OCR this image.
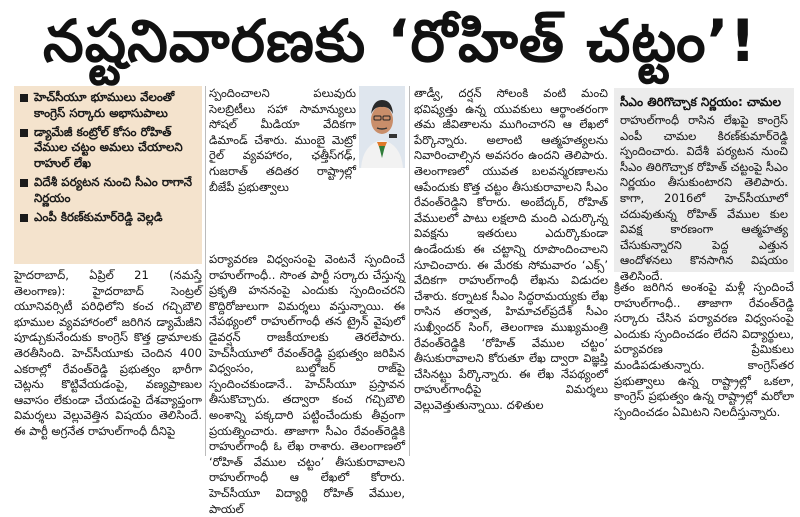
నష్టనివారణకు ‘రోహిత్ చట్టం’!
హెచ్‌సీయూ భూములు వేలంతో కాంగ్రెస్ సర్కారు అభాసుపాలు
డ్యామేజీ కంట్రోల్ కోసం రోహిత్ వేముల చట్టం అమలు చేయాలని రాహుల్ లేఖ
విదేశీ పర్యటన నుంచి సీఎం రాగానే నిర్ణయం
ఎంపీ కిరణ్‌కుమార్‌రెడ్డి వెల్లడి

హైదరాబాద్, ఏప్రిల్ 21 (నమస్తే తెలంగాణ): హైదరాబాద్ సెంట్రల్ యూనివర్సిటీ పరిధిలోని కంచ గచ్చిబౌలి భూముల వ్యవహారంలో జరిగిన డ్యామేజీని పూడ్చుకునేందుకు కాంగ్రెస్ కొత్త డ్రామాలకు తెరతీసింది. హెచ్‌సీయూకు చెందిన 400 ఎకరాల్లో రేవంత్‌రెడ్డి ప్రభుత్వం భారీగా చెట్లను కొట్టివేయడంపై, వణ్యప్రాణుల ఆవాసం లేకుండా చేయడంపై దేశవ్యాప్తంగా విమర్శలు వెల్లువెత్తిన విషయం తెలిసిందే. ఈ పార్టీ అగ్రనేత రాహుల్‌గాంధీ దీనిపై

స్పందించాలని పలువురు సెలబ్రిటీలు సహా సామాన్యులు సోషల్ మీడియా వేదికగా డిమాండ్ చేశారు. ముంబై మెట్రో రైల్ వ్యవహారం, ఛత్తీస్‌గఢ్, గుజరాత్ తదితర రాష్ట్రాల్లో బీజేపీ ప్రభుత్వాలు

పర్యావరణ విధ్వంసంపై వెంటనే స్పందించే రాహుల్‌గాంధీ.. సొంత పార్టీ సర్కారు చేస్తున్న ప్రకృతి హననంపై ఎందుకు స్పందించరని కొద్దిరోజులుగా విమర్శలు వస్తున్నాయి. ఈ నేపథ్యంలో రాహుల్‌గాంధీ తన ట్రైన్ వైపులో డైవర్షన్ రాజకీయాలకు తెరలేపారు. హెచ్‌సీయూలో రేవంత్‌రెడ్డి ప్రభుత్వం జరిపిన విధ్వంసం, బుల్డోజర్ రాజ్‌పై స్పందించకుండానే.. హెచ్‌సీయూ ప్రస్తావన తీసుకొచ్చారు. తద్వారా కంచ గచ్చిబౌలి అంశాన్ని పక్కదారి పట్టించేందుకు తీవ్రంగా ప్రయత్నించారు. తాజాగా సీఎం రేవంత్‌రెడ్డికి రాహుల్‌గాంధీ ఓ లేఖ రాశారు. తెలంగాణలో ‘రోహిత్ వేముల చట్టం’ తీసుకురావాలని రాహుల్‌గాంధీ ఆ లేఖలో కోరారు. హెచ్‌సీయూ విద్యార్థి రోహిత్ వేముల, పాయల్

తాడ్వీ, దర్షన్ సోలంకి వంటి మంచి భవిష్యత్తు ఉన్న యువకులు ఆర్థాంతరంగా తమ జీవితాలను ముగించారని ఆ లేఖలో పేర్కొన్నారు. అలాంటి ఆత్మహత్యలను నివారించాల్సిన అవసరం ఉందని తెలిపారు. తెలంగాణలో యువత బలవన్మరణాలను ఆపేందుకు కొత్త చట్టం తీసుకురావాలని సీఎం రేవంత్‌రెడ్డిని కోరారు. అంబేద్కర్, రోహిత్ వేములలో పాటు లక్షలాది మంది ఎదుర్కొన్న వివక్షను ఇతరులు ఎదుర్కొకుండా ఉండేందుకు ఈ చట్టాన్ని రూపొందించాలని సూచించారు. ఈ మేరకు సోమవారం ‘ఎక్స్’ వేదికగా రాహుల్‌గాంధీ లేఖను విడుదల చేశారు. కర్నాటక సీఎం సిద్ధరామయ్యకు లేఖ రాసిన తర్వాత, హిమాచల్‌ప్రదేశ్ సీఎం సుఖ్వీందర్ సింగ్, తెలంగాణ ముఖ్యమంత్రి రేవంత్‌రెడ్డికి ‘రోహిత్ వేముల చట్టం’ తీసుకురావాలని కోరుతూ లేఖ ద్వారా విజ్ఞప్తి చేసినట్టు పేర్కొన్నారు. ఈ లేఖ నేపథ్యంలో రాహుల్‌గాంధీపై విమర్శలు వెల్లువెత్తుతున్నాయి. దళితుల

సీఎం తిరిగొచ్చాక నిర్ణయం: చామల
రాహుల్‌గాంధీ రాసిన లేఖపై కాంగ్రెస్ ఎంపీ చామల కిరణ్‌కుమార్‌రెడ్డి స్పందించారు. విదేశీ పర్యటన నుంచి సీఎం తిరిగొచ్చాక రోహిత్ చట్టంపై సీఎం నిర్ణయం తీసుకుంటారని తెలిపారు. కాగా, 2016లో హెచ్‌సీయూలో చదువుతున్న రోహిత్ వేముల కుల వివక్ష కారణంగా ఆత్మహత్య చేసుకున్నారని పెద్ద ఎత్తున ఆందోళనలు కొనసాగిన విషయం తెలిసిందే.

క్రితం జరిగిన అంశంపై మళ్లీ స్పందించే రాహుల్‌గాంధీ.. తాజాగా రేవంత్‌రెడ్డి సర్కారు చేసిన పర్యావరణ విధ్వంసంపై ఎందుకు స్పందించడం లేదని విద్యార్థులు, పర్యావరణ ప్రేమికులు మండిపడుతున్నారు. కాంగ్రెస్‌తర ప్రభుత్వాలు ఉన్న రాష్ట్రాల్లో ఒకలా, కాంగ్రెస్ ప్రభుత్వం ఉన్న రాష్ట్రాల్లో మరోలా స్పందించడం ఏమిటని నిలదీస్తున్నారు.
